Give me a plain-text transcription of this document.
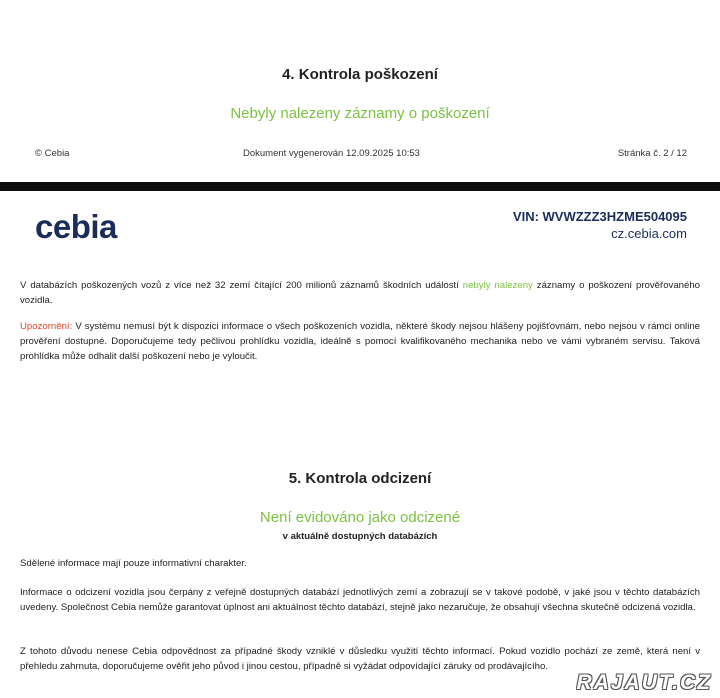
4. Kontrola poškození
Nebyly nalezeny záznamy o poškození
© Cebia	Dokument vygenerován 12.09.2025 10:53	Stránka č. 2 / 12
cebia	VIN: WVWZZZ3HZME504095
cz.cebia.com
V databázích poškozených vozů z více než 32 zemí čítající 200 milionů záznamů škodních událostí nebyly nalezeny záznamy o poškození prověřovaného vozidla.
Upozornění: V systému nemusí být k dispozici informace o všech poškozeních vozidla, některé škody nejsou hlášeny pojišťovnám, nebo nejsou v rámci online prověření dostupné. Doporučujeme tedy pečlivou prohlídku vozidla, ideálně s pomocí kvalifikovaného mechanika nebo ve vámi vybraném servisu. Taková prohlídka může odhalit další poškození nebo je vyloučit.
5. Kontrola odcizení
Není evidováno jako odcizené
v aktuálně dostupných databázích
Sdělené informace mají pouze informativní charakter.
Informace o odcizení vozidla jsou čerpány z veřejně dostupných databází jednotlivých zemí a zobrazují se v takové podobě, v jaké jsou v těchto databázích uvedeny. Společnost Cebia nemůže garantovat úplnost ani aktuálnost těchto databází, stejně jako nezaručuje, že obsahují všechna skutečně odcizená vozidla.
Z tohoto důvodu nenese Cebia odpovědnost za případné škody vzniklé v důsledku využití těchto informací. Pokud vozidlo pochází ze země, která není v přehledu zahrnuta, doporučujeme ověřit jeho původ i jinou cestou, případně si vyžádat odpovídající záruky od prodávajícího.
RAJAUT.CZ
